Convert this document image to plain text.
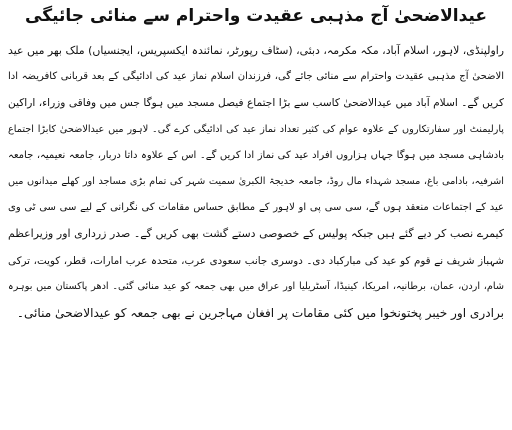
عیدالاضحیٰ آج مذہبی عقیدت واحترام سے منائی جائیگی
راولپنڈی، لاہور، اسلام آباد، مکہ مکرمہ، دبئی، (سٹاف رپورٹر، نمائندہ ایکسپریس، ایجنسیاں) ملک بھر میں عید
الاضحیٰ آج مذہبی عقیدت واحترام سے منائی جائے گی، فرزندان اسلام نماز عید کی ادائیگی کے بعد قربانی کافریضہ ادا
کریں گے۔ اسلام آباد میں عیدالاضحیٰ کاسب سے بڑا اجتماع فیصل مسجد میں ہوگا جس میں وفاقی وزراء، اراکین
پارلیمنٹ اور سفارتکاروں کے علاوہ عوام کی کثیر تعداد نماز عید کی ادائیگی کرے گی۔ لاہور میں عیدالاضحیٰ کابڑا اجتماع
بادشاہی مسجد میں ہوگا جہاں ہزاروں افراد عید کی نماز ادا کریں گے۔ اس کے علاوہ داتا دربار، جامعہ نعیمیہ، جامعہ
اشرفیہ، باداﻣﯽ باغ، مسجد شہداء مال روڈ، جامعہ خدیجۃ الکبریٰ سمیت شہر کی تمام بڑی مساجد اور کھلے میدانوں میں
عید کے اجتماعات منعقد ہوں گے، سی سی پی او لاہور کے مطابق حساس مقامات کی نگرانی کے لیے سی سی ٹی وی
کیمرے نصب کر دیے گئے ہیں جبکہ پولیس کے خصوصی دستے گشت بھی کریں گے۔ صدر زرداری اور وزیراعظم
شہباز شریف نے قوم کو عید کی مبارکباد دی۔ دوسری جانب سعودی عرب، متحدہ عرب امارات، قطر، کویت، ترکی
شام، اردن، عمان، برطانیہ، امریکا، کینیڈا، آسٹریلیا اور عراق میں بھی جمعہ کو عید منائی گئی۔ ادھر پاکستان میں بوہرہ
برادری اور خیبر پختونخوا میں کئی مقامات پر افغان مہاجرین نے بھی جمعہ کو عیدالاضحیٰ منائی۔
